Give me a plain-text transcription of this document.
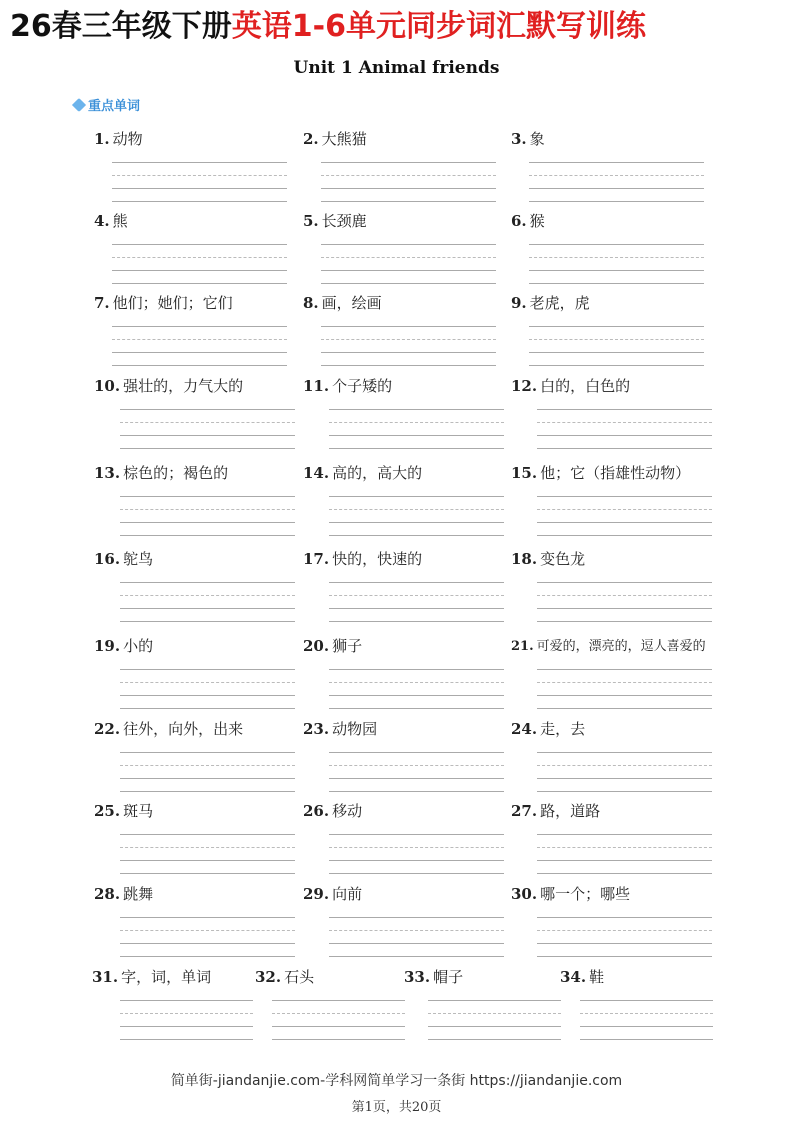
26春三年级下册英语1-6单元同步词汇默写训练
Unit 1 Animal friends
重点单词
1. 动物	2. 大熊猫	3. 象
4. 熊	5. 长颈鹿	6. 猴
7. 他们；她们；它们	8. 画，绘画	9. 老虎，虎
10. 强壮的，力气大的	11. 个子矮的	12. 白的，白色的
13. 棕色的；褐色的	14. 高的，高大的	15. 他；它（指雄性动物）
16. 鸵鸟	17. 快的，快速的	18. 变色龙
19. 小的	20. 狮子	21. 可爱的，漂亮的，逗人喜爱的
22. 往外，向外，出来	23. 动物园	24. 走，去
25. 斑马	26. 移动	27. 路，道路
28. 跳舞	29. 向前	30. 哪一个；哪些
31. 字，词，单词	32. 石头	33. 帽子	34. 鞋
简单街-jiandanjie.com-学科网简单学习一条街 https://jiandanjie.com
第1页，共20页
